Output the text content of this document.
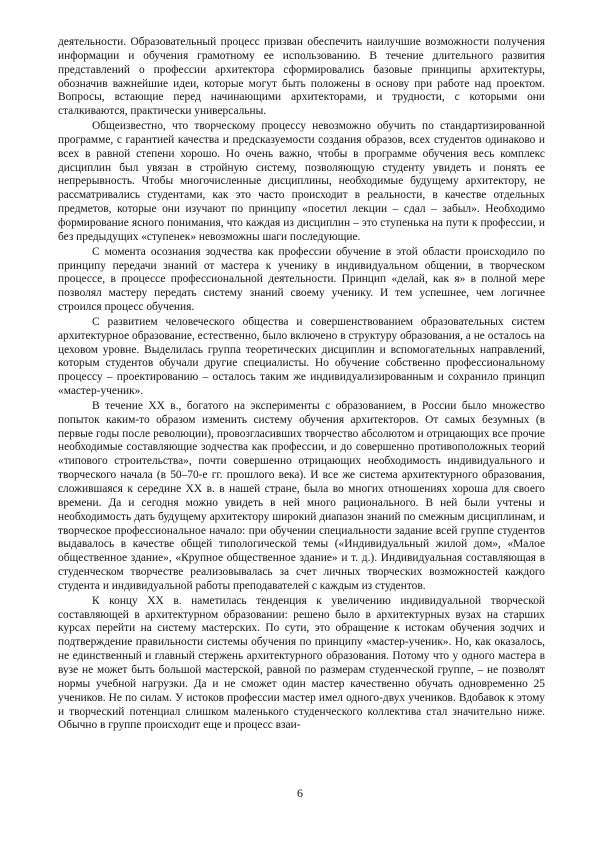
деятельности. Образовательный процесс призван обеспечить наилучшие возможности получения информации и обучения грамотному ее использованию. В течение длительного развития представлений о профессии архитектора сформировались базовые принципы архитектуры, обозначив важнейшие идеи, которые могут быть положены в основу при работе над проектом. Вопросы, встающие перед начинающими архитекторами, и трудности, с которыми они сталкиваются, практически универсальны.

Общеизвестно, что творческому процессу невозможно обучить по стандартизированной программе, с гарантией качества и предсказуемости создания образов, всех студентов одинаково и всех в равной степени хорошо. Но очень важно, чтобы в программе обучения весь комплекс дисциплин был увязан в стройную систему, позволяющую студенту увидеть и понять ее непрерывность. Чтобы многочисленные дисциплины, необходимые будущему архитектору, не рассматривались студентами, как это часто происходит в реальности, в качестве отдельных предметов, которые они изучают по принципу «посетил лекции – сдал – забыл». Необходимо формирование ясного понимания, что каждая из дисциплин – это ступенька на пути к профессии, и без предыдущих «ступенек» невозможны шаги последующие.

С момента осознания зодчества как профессии обучение в этой области происходило по принципу передачи знаний от мастера к ученику в индивидуальном общении, в творческом процессе, в процессе профессиональной деятельности. Принцип «делай, как я» в полной мере позволял мастеру передать систему знаний своему ученику. И тем успешнее, чем логичнее строился процесс обучения.

С развитием человеческого общества и совершенствованием образовательных систем архитектурное образование, естественно, было включено в структуру образования, а не осталось на цеховом уровне. Выделилась группа теоретических дисциплин и вспомогательных направлений, которым студентов обучали другие специалисты. Но обучение собственно профессиональному процессу – проектированию – осталось таким же индивидуализированным и сохранило принцип «мастер-ученик».

В течение XX в., богатого на эксперименты с образованием, в России было множество попыток каким-то образом изменить систему обучения архитекторов. От самых безумных (в первые годы после революции), провозгласивших творчество абсолютом и отрицающих все прочие необходимые составляющие зодчества как профессии, и до совершенно противоположных теорий «типового строительства», почти совершенно отрицающих необходимость индивидуального и творческого начала (в 50–70-е гг. прошлого века). И все же система архитектурного образования, сложившаяся к середине XX в. в нашей стране, была во многих отношениях хороша для своего времени. Да и сегодня можно увидеть в ней много рационального. В ней были учтены и необходимость дать будущему архитектору широкий диапазон знаний по смежным дисциплинам, и творческое профессиональное начало: при обучении специальности задание всей группе студентов выдавалось в качестве общей типологической темы («Индивидуальный жилой дом», «Малое общественное здание», «Крупное общественное здание» и т. д.). Индивидуальная составляющая в студенческом творчестве реализовывалась за счет личных творческих возможностей каждого студента и индивидуальной работы преподавателей с каждым из студентов.

К концу XX в. наметилась тенденция к увеличению индивидуальной творческой составляющей в архитектурном образовании: решено было в архитектурных вузах на старших курсах перейти на систему мастерских. По сути, это обращение к истокам обучения зодчих и подтверждение правильности системы обучения по принципу «мастер-ученик». Но, как оказалось, не единственный и главный стержень архитектурного образования. Потому что у одного мастера в вузе не может быть большой мастерской, равной по размерам студенческой группе, – не позволят нормы учебной нагрузки. Да и не сможет один мастер качественно обучать одновременно 25 учеников. Не по силам. У истоков профессии мастер имел одного-двух учеников. Вдобавок к этому и творческий потенциал слишком маленького студенческого коллектива стал значительно ниже. Обычно в группе происходит еще и процесс взаи-

6
